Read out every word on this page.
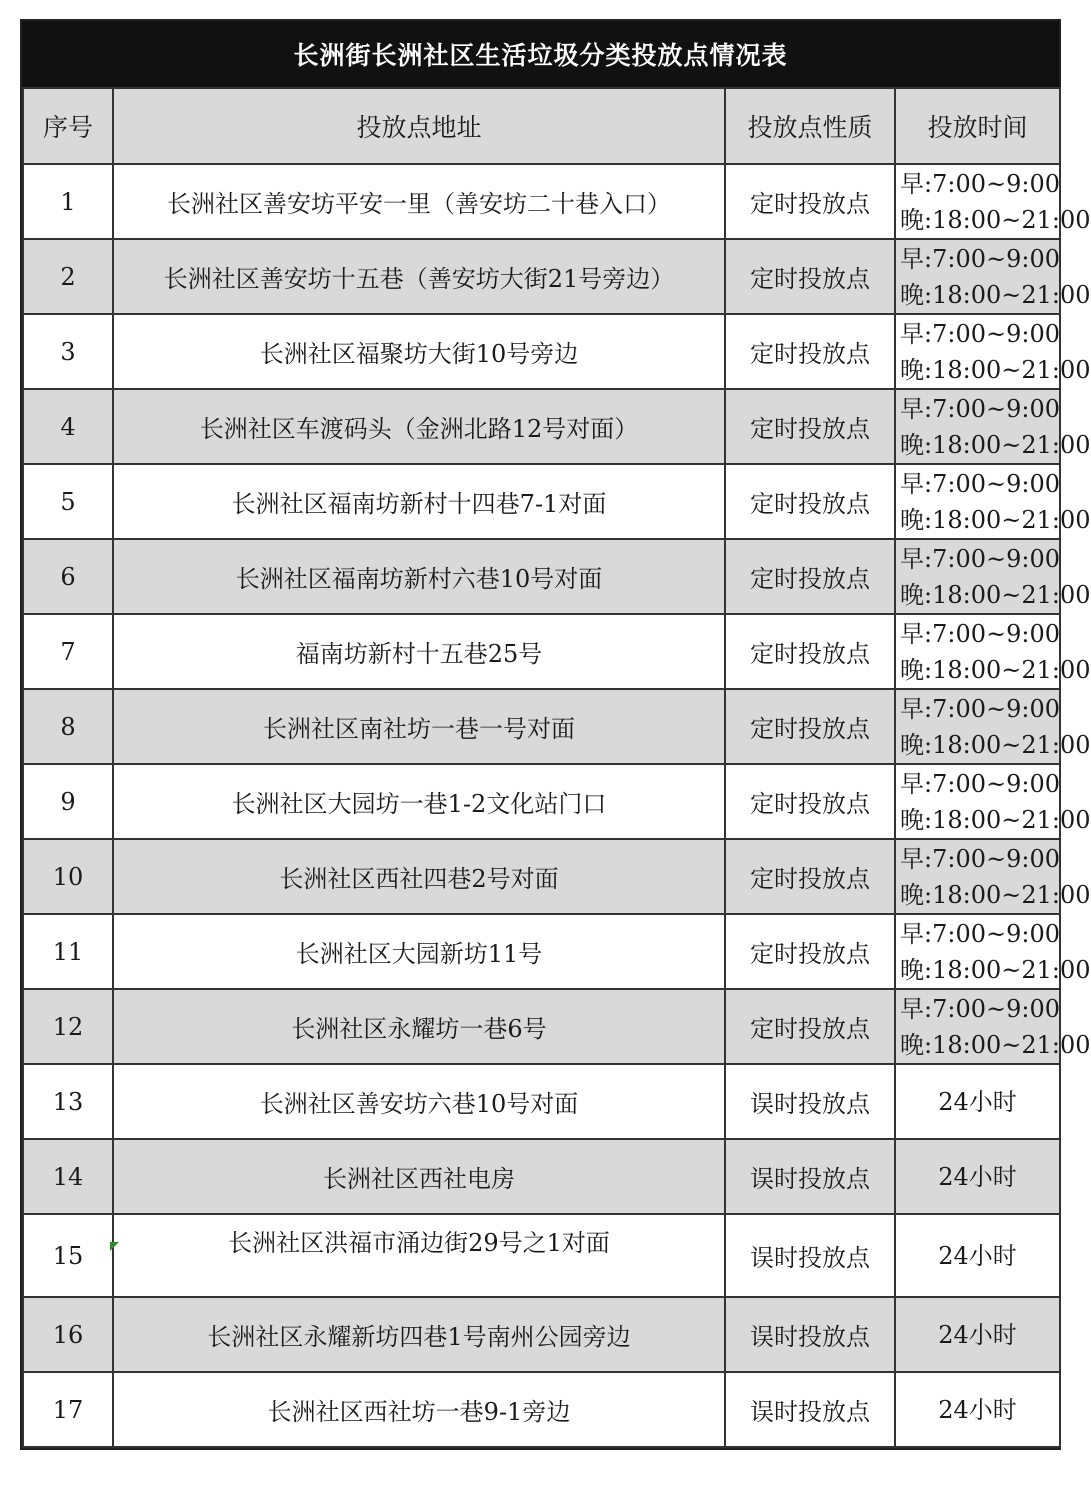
长洲街长洲社区生活垃圾分类投放点情况表
序号	投放点地址	投放点性质	投放时间
1	长洲社区善安坊平安一里（善安坊二十巷入口）	定时投放点	早:7:00~9:00
晚:18:00~21:00

2	长洲社区善安坊十五巷（善安坊大街21号旁边）	定时投放点	早:7:00~9:00
晚:18:00~21:00

3	长洲社区福聚坊大街10号旁边	定时投放点	早:7:00~9:00
晚:18:00~21:00

4	长洲社区车渡码头（金洲北路12号对面）	定时投放点	早:7:00~9:00
晚:18:00~21:00

5	长洲社区福南坊新村十四巷7-1对面	定时投放点	早:7:00~9:00
晚:18:00~21:00

6	长洲社区福南坊新村六巷10号对面	定时投放点	早:7:00~9:00
晚:18:00~21:00

7	福南坊新村十五巷25号	定时投放点	早:7:00~9:00
晚:18:00~21:00

8	长洲社区南社坊一巷一号对面	定时投放点	早:7:00~9:00
晚:18:00~21:00

9	长洲社区大园坊一巷1-2文化站门口	定时投放点	早:7:00~9:00
晚:18:00~21:00

10	长洲社区西社四巷2号对面	定时投放点	早:7:00~9:00
晚:18:00~21:00

11	长洲社区大园新坊11号	定时投放点	早:7:00~9:00
晚:18:00~21:00

12	长洲社区永耀坊一巷6号	定时投放点	早:7:00~9:00
晚:18:00~21:00

13	长洲社区善安坊六巷10号对面	误时投放点	24小时
14	长洲社区西社电房	误时投放点	24小时
15	长洲社区洪福市涌边街29号之1对面	误时投放点	24小时
16	长洲社区永耀新坊四巷1号南州公园旁边	误时投放点	24小时
17	长洲社区西社坊一巷9-1旁边	误时投放点	24小时
